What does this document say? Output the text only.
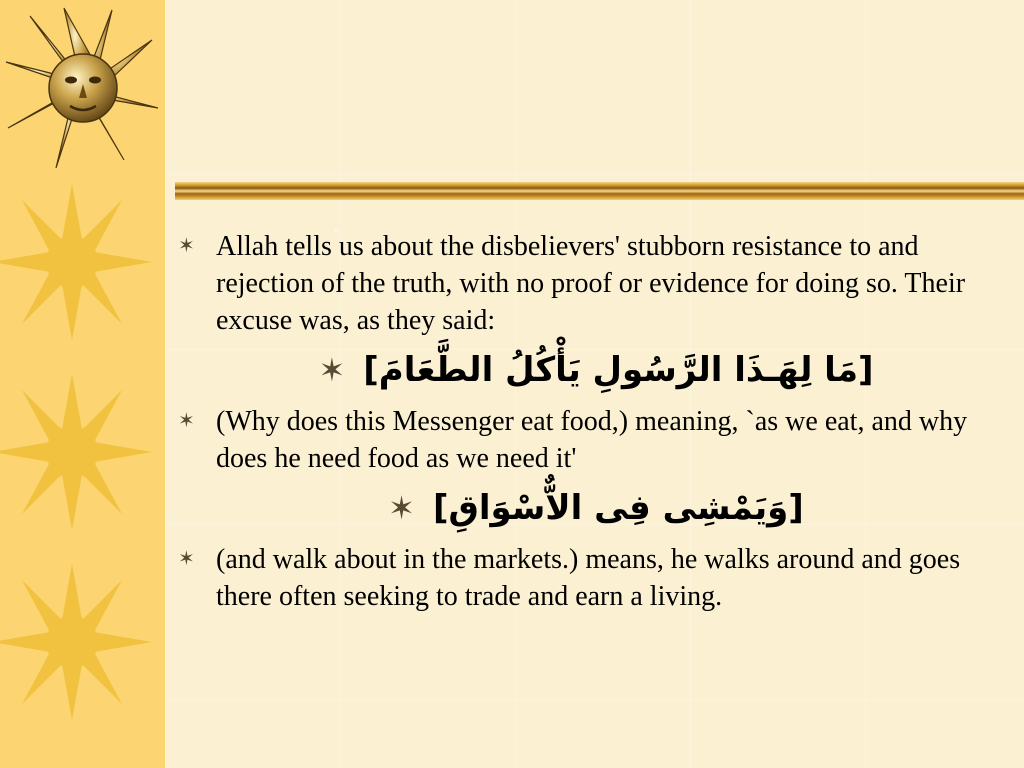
✶ Allah tells us about the disbelievers' stubborn resistance to and rejection of the truth, with no proof or evidence for doing so. Their excuse was, as they said:
✶ [مَا لِهَـذَا الرَّسُولِ يَأْكُلُ الطَّعَامَ]
✶ (Why does this Messenger eat food,) meaning, `as we eat, and why does he need food as we need it'
✶ [وَيَمْشِى فِى الاٌّسْوَاقِ]
✶ (and walk about in the markets.) means, he walks around and goes there often seeking to trade and earn a living.
